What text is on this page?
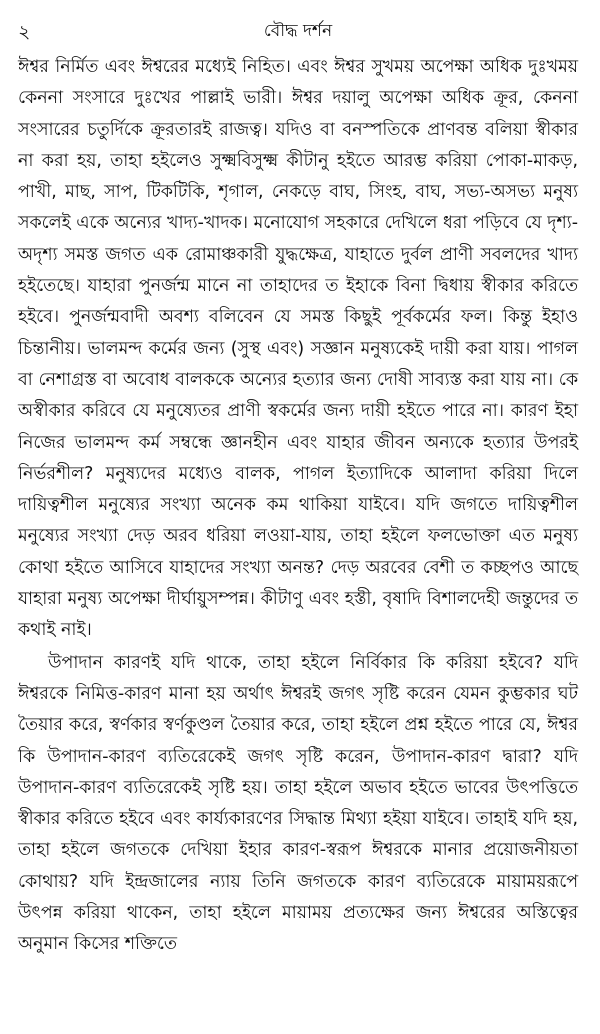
২	বৌদ্ধ দর্শন

ঈশ্বর নির্মিত এবং ঈশ্বরের মধ্যেই নিহিত। এবং ঈশ্বর সুখময় অপেক্ষা অধিক দুঃখময় কেননা সংসারে দুঃখের পাল্লাই ভারী। ঈশ্বর দয়ালু অপেক্ষা অধিক ক্রূর, কেননা সংসারের চতুর্দিকে ক্রূরতারই রাজত্ব। যদিও বা বনস্পতিকে প্রাণবন্ত বলিয়া স্বীকার না করা হয়, তাহা হইলেও সুক্ষ্মবিসুক্ষ্ম কীটানু হইতে আরম্ভ করিয়া পোকা-মাকড়, পাখী, মাছ, সাপ, টিকটিকি, শৃগাল, নেকড়ে বাঘ, সিংহ, বাঘ, সভ্য-অসভ্য মনুষ্য সকলেই একে অন্যের খাদ্য-খাদক। মনোযোগ সহকারে দেখিলে ধরা পড়িবে যে দৃশ্য-অদৃশ্য সমস্ত জগত এক রোমাঞ্চকারী যুদ্ধক্ষেত্র, যাহাতে দুর্বল প্রাণী সবলদের খাদ্য হইতেছে। যাহারা পুনর্জন্ম মানে না তাহাদের ত ইহাকে বিনা দ্বিধায় স্বীকার করিতে হইবে। পুনর্জন্মবাদী অবশ্য বলিবেন যে সমস্ত কিছুই পূর্বকর্মের ফল। কিন্তু ইহাও চিন্তানীয়। ভালমন্দ কর্মের জন্য (সুস্থ এবং) সজ্ঞান মনুষ্যকেই দায়ী করা যায়। পাগল বা নেশাগ্রস্ত বা অবোধ বালককে অন্যের হত্যার জন্য দোষী সাব্যস্ত করা যায় না। কে অস্বীকার করিবে যে মনুষ্যেতর প্রাণী স্বকর্মের জন্য দায়ী হইতে পারে না। কারণ ইহা নিজের ভালমন্দ কর্ম সম্বন্ধে জ্ঞানহীন এবং যাহার জীবন অন্যকে হত্যার উপরই নির্ভরশীল? মনুষ্যদের মধ্যেও বালক, পাগল ইত্যাদিকে আলাদা করিয়া দিলে দায়িত্বশীল মনুষ্যের সংখ্যা অনেক কম থাকিয়া যাইবে। যদি জগতে দায়িত্বশীল মনুষ্যের সংখ্যা দেড় অরব ধরিয়া লওয়া-যায়, তাহা হইলে ফলভোক্তা এত মনুষ্য কোথা হইতে আসিবে যাহাদের সংখ্যা অনন্ত? দেড় অরবের বেশী ত কচ্ছপও আছে যাহারা মনুষ্য অপেক্ষা দীর্ঘায়ুসম্পন্ন। কীটাণু এবং হস্তী, বৃষাদি বিশালদেহী জন্তুদের ত কথাই নাই।

উপাদান কারণই যদি থাকে, তাহা হইলে নির্বিকার কি করিয়া হইবে? যদি ঈশ্বরকে নিমিত্ত-কারণ মানা হয় অর্থাৎ ঈশ্বরই জগৎ সৃষ্টি করেন যেমন কুম্ভকার ঘট তৈয়ার করে, স্বর্ণকার স্বর্ণকুণ্ডল তৈয়ার করে, তাহা হইলে প্রশ্ন হইতে পারে যে, ঈশ্বর কি উপাদান-কারণ ব্যতিরেকেই জগৎ সৃষ্টি করেন, উপাদান-কারণ দ্বারা? যদি উপাদান-কারণ ব্যতিরেকেই সৃষ্টি হয়। তাহা হইলে অভাব হইতে ভাবের উৎপত্তিতে স্বীকার করিতে হইবে এবং কার্য্যকারণের সিদ্ধান্ত মিথ্যা হইয়া যাইবে। তাহাই যদি হয়, তাহা হইলে জগতকে দেখিয়া ইহার কারণ-স্বরূপ ঈশ্বরকে মানার প্রয়োজনীয়তা কোথায়? যদি ইন্দ্রজালের ন্যায় তিনি জগতকে কারণ ব্যতিরেকে মায়াময়রূপে উৎপন্ন করিয়া থাকেন, তাহা হইলে মায়াময় প্রত্যক্ষের জন্য ঈশ্বরের অস্তিত্বের অনুমান কিসের শক্তিতে
